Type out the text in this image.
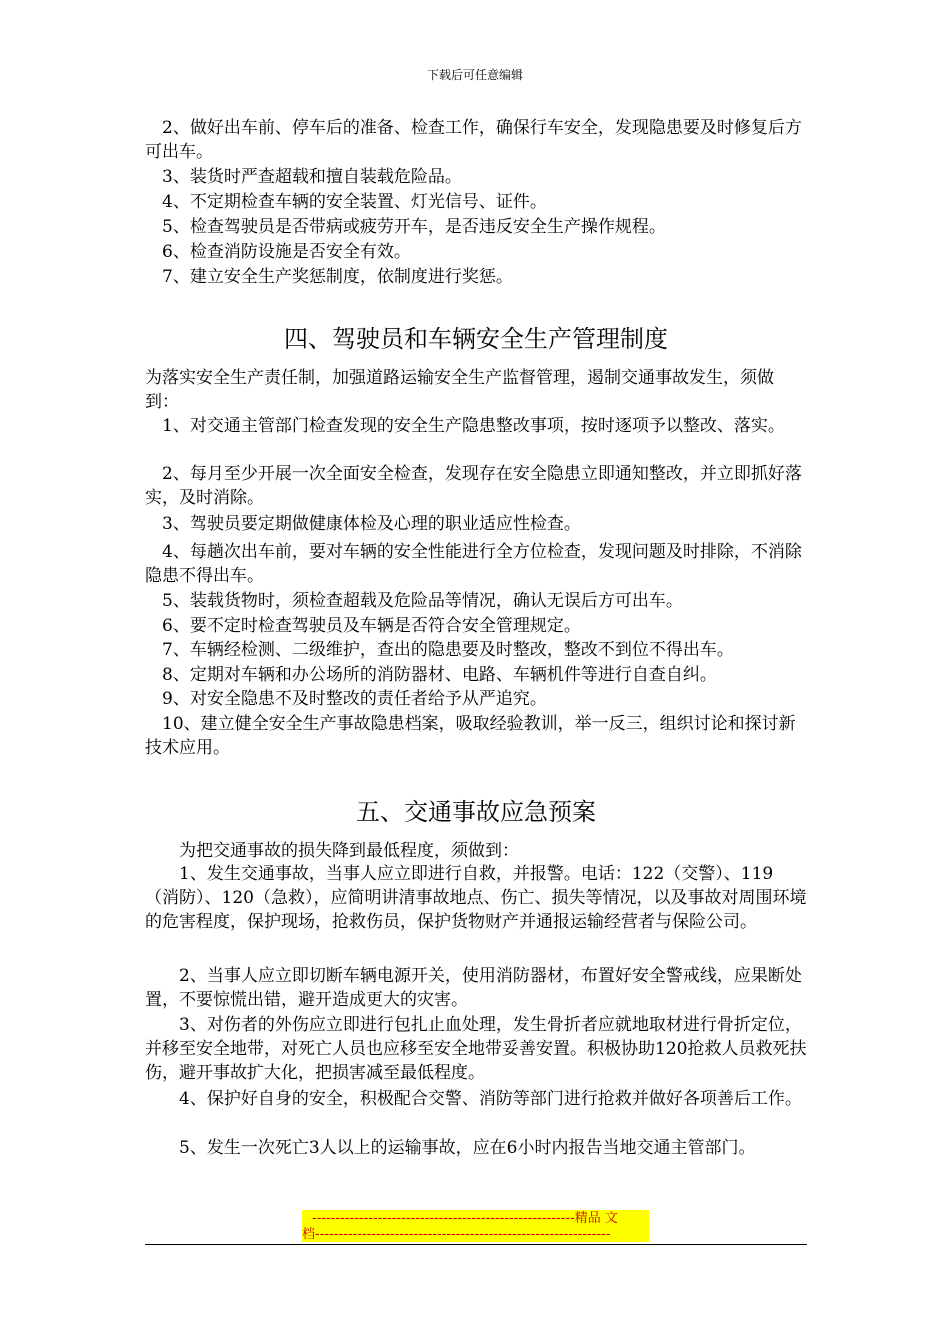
下载后可任意编辑
　2、做好出车前、停车后的准备、检查工作，确保行车安全，发现隐患要及时修复后方可出车。
　3、装货时严查超载和擅自装载危险品。
　4、不定期检查车辆的安全装置、灯光信号、证件。
　5、检查驾驶员是否带病或疲劳开车，是否违反安全生产操作规程。
　6、检查消防设施是否安全有效。
　7、建立安全生产奖惩制度，依制度进行奖惩。
四、驾驶员和车辆安全生产管理制度
为落实安全生产责任制，加强道路运输安全生产监督管理，遏制交通事故发生，须做到：
　1、对交通主管部门检查发现的安全生产隐患整改事项，按时逐项予以整改、落实。
　2、每月至少开展一次全面安全检查，发现存在安全隐患立即通知整改，并立即抓好落实，及时消除。
　3、驾驶员要定期做健康体检及心理的职业适应性检查。
　4、每趟次出车前，要对车辆的安全性能进行全方位检查，发现问题及时排除，不消除隐患不得出车。
　5、装载货物时，须检查超载及危险品等情况，确认无误后方可出车。
　6、要不定时检查驾驶员及车辆是否符合安全管理规定。
　7、车辆经检测、二级维护，查出的隐患要及时整改，整改不到位不得出车。
　8、定期对车辆和办公场所的消防器材、电路、车辆机件等进行自查自纠。
　9、对安全隐患不及时整改的责任者给予从严追究。
　10、建立健全安全生产事故隐患档案，吸取经验教训，举一反三，组织讨论和探讨新技术应用。
五、交通事故应急预案
　　为把交通事故的损失降到最低程度，须做到：
　　1、发生交通事故，当事人应立即进行自救，并报警。电话：122（交警）、119（消防）、120（急救），应简明讲清事故地点、伤亡、损失等情况，以及事故对周围环境的危害程度，保护现场，抢救伤员，保护货物财产并通报运输经营者与保险公司。
　　2、当事人应立即切断车辆电源开关，使用消防器材，布置好安全警戒线，应果断处置，不要惊慌出错，避开造成更大的灾害。
　　3、对伤者的外伤应立即进行包扎止血处理，发生骨折者应就地取材进行骨折定位，并移至安全地带，对死亡人员也应移至安全地带妥善安置。积极协助120抢救人员救死扶伤，避开事故扩大化，把损害减至最低程度。
　　4、保护好自身的安全，积极配合交警、消防等部门进行抢救并做好各项善后工作。
　　5、发生一次死亡3人以上的运输事故，应在6小时内报告当地交通主管部门。
--------------------------------------------------------精品 文
档---------------------------------------------------------------
